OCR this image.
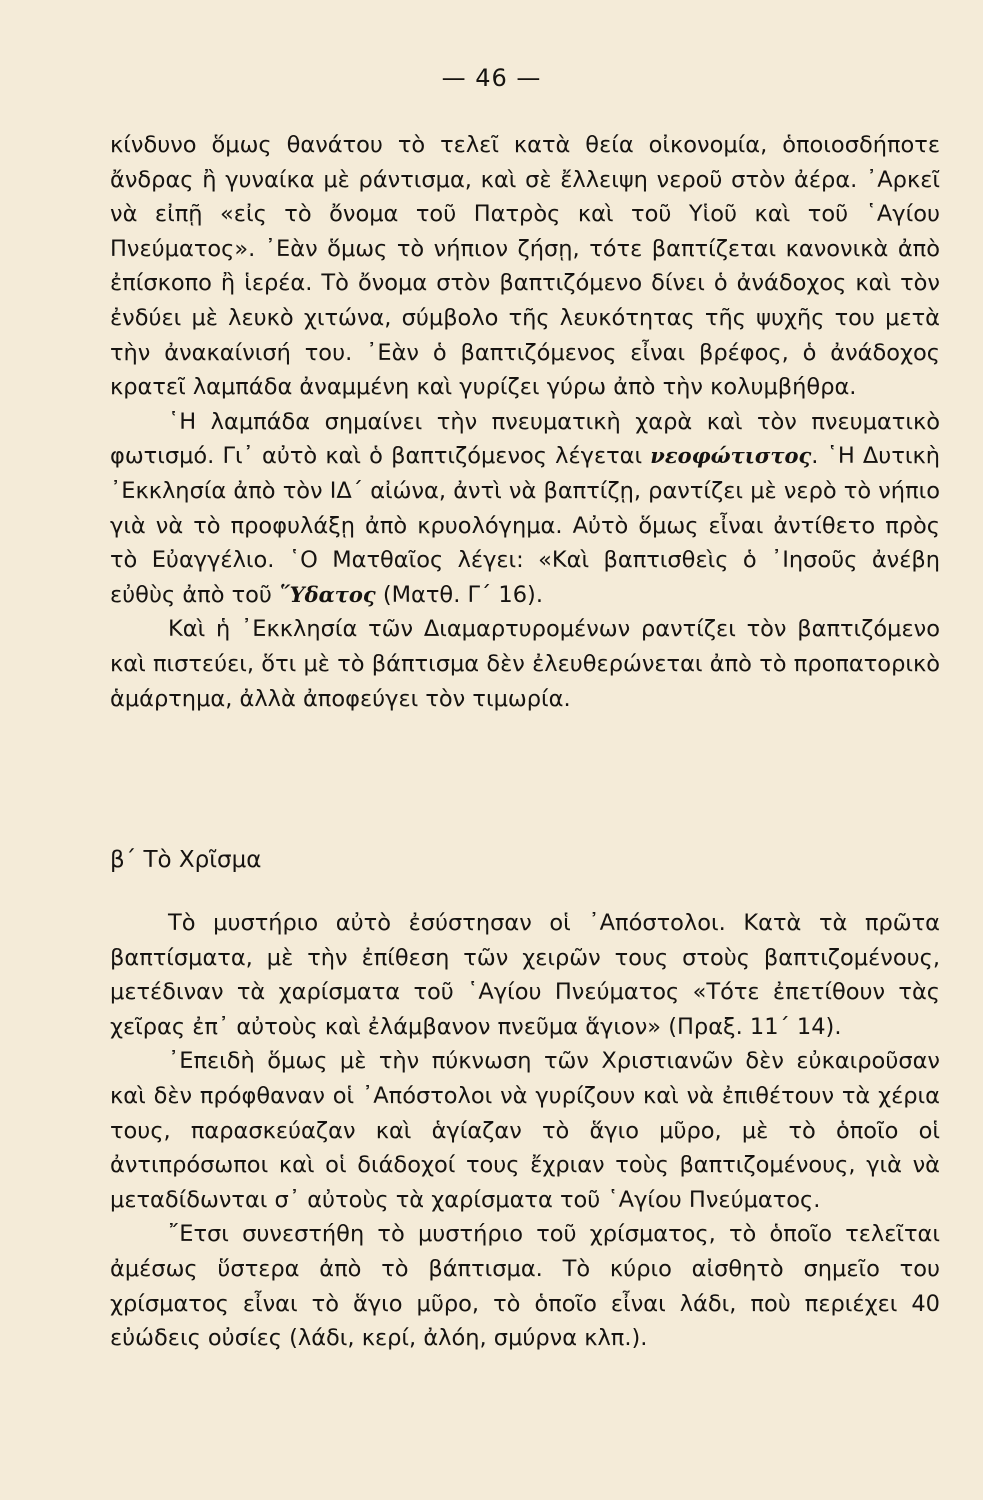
— 46 —

κίνδυνο ὅμως θανάτου τὸ τελεῖ κατὰ θεία οἰκονομία, ὁποιοσδήποτε ἄνδρας ἢ γυναίκα μὲ ράντισμα, καὶ σὲ ἔλλειψη νεροῦ στὸν ἀέρα. ᾿Αρκεῖ νὰ εἰπῇ «εἰς τὸ ὄνομα τοῦ Πατρὸς καὶ τοῦ Υἱοῦ καὶ τοῦ ῾Αγίου Πνεύματος». ᾿Εὰν ὅμως τὸ νήπιον ζήσῃ, τότε βαπτίζεται κανονικὰ ἀπὸ ἐπίσκοπο ἢ ἱερέα. Τὸ ὄνομα στὸν βαπτιζόμενο δίνει ὁ ἀνάδοχος καὶ τὸν ἐνδύει μὲ λευκὸ χιτώνα, σύμβολο τῆς λευκότητας τῆς ψυχῆς του μετὰ τὴν ἀνακαίνισή του. ᾿Εὰν ὁ βαπτιζόμενος εἶναι βρέφος, ὁ ἀνάδοχος κρατεῖ λαμπάδα ἀναμμένη καὶ γυρίζει γύρω ἀπὸ τὴν κολυμβήθρα.

῾Η λαμπάδα σημαίνει τὴν πνευματικὴ χαρὰ καὶ τὸν πνευματικὸ φωτισμό. Γι᾿ αὐτὸ καὶ ὁ βαπτιζόμενος λέγεται νεοφώτιστος. ῾Η Δυτικὴ ᾿Εκκλησία ἀπὸ τὸν ΙΔ΄ αἰώνα, ἀντὶ νὰ βαπτίζῃ, ραντίζει μὲ νερὸ τὸ νήπιο γιὰ νὰ τὸ προφυλάξῃ ἀπὸ κρυολόγημα. Αὐτὸ ὅμως εἶναι ἀντίθετο πρὸς τὸ Εὐαγγέλιο. ῾Ο Ματθαῖος λέγει: «Καὶ βαπτισθεὶς ὁ ᾿Ιησοῦς ἀνέβη εὐθὺς ἀπὸ τοῦ ῞Υδατος (Ματθ. Γ΄ 16).

Καὶ ἡ ᾿Εκκλησία τῶν Διαμαρτυρομένων ραντίζει τὸν βαπτιζόμενο καὶ πιστεύει, ὅτι μὲ τὸ βάπτισμα δὲν ἐλευθερώνεται ἀπὸ τὸ προπατορικὸ ἁμάρτημα, ἀλλὰ ἀποφεύγει τὸν τιμωρία.

β΄ Τὸ Χρῖσμα

Τὸ μυστήριο αὐτὸ ἐσύστησαν οἱ ᾿Απόστολοι. Κατὰ τὰ πρῶτα βαπτίσματα, μὲ τὴν ἐπίθεση τῶν χειρῶν τους στοὺς βαπτιζομένους, μετέδιναν τὰ χαρίσματα τοῦ ῾Αγίου Πνεύματος «Τότε ἐπετίθουν τὰς χεῖρας ἐπ᾿ αὐτοὺς καὶ ἐλάμβανον πνεῦμα ἅγιον» (Πραξ. 11΄ 14).

᾿Επειδὴ ὅμως μὲ τὴν πύκνωση τῶν Χριστιανῶν δὲν εὐκαιροῦσαν καὶ δὲν πρόφθαναν οἱ ᾿Απόστολοι νὰ γυρίζουν καὶ νὰ ἐπιθέτουν τὰ χέρια τους, παρασκεύαζαν καὶ ἁγίαζαν τὸ ἅγιο μῦρο, μὲ τὸ ὁποῖο οἱ ἀντιπρόσωποι καὶ οἱ διάδοχοί τους ἔχριαν τοὺς βαπτιζομένους, γιὰ νὰ μεταδίδωνται σ᾿ αὐτοὺς τὰ χαρίσματα τοῦ ῾Αγίου Πνεύματος.

῎Ετσι συνεστήθη τὸ μυστήριο τοῦ χρίσματος, τὸ ὁποῖο τελεῖται ἀμέσως ὕστερα ἀπὸ τὸ βάπτισμα. Τὸ κύριο αἰσθητὸ σημεῖο του χρίσματος εἶναι τὸ ἅγιο μῦρο, τὸ ὁποῖο εἶναι λάδι, ποὺ περιέχει 40 εὐώδεις οὐσίες (λάδι, κερί, ἀλόη, σμύρνα κλπ.).
